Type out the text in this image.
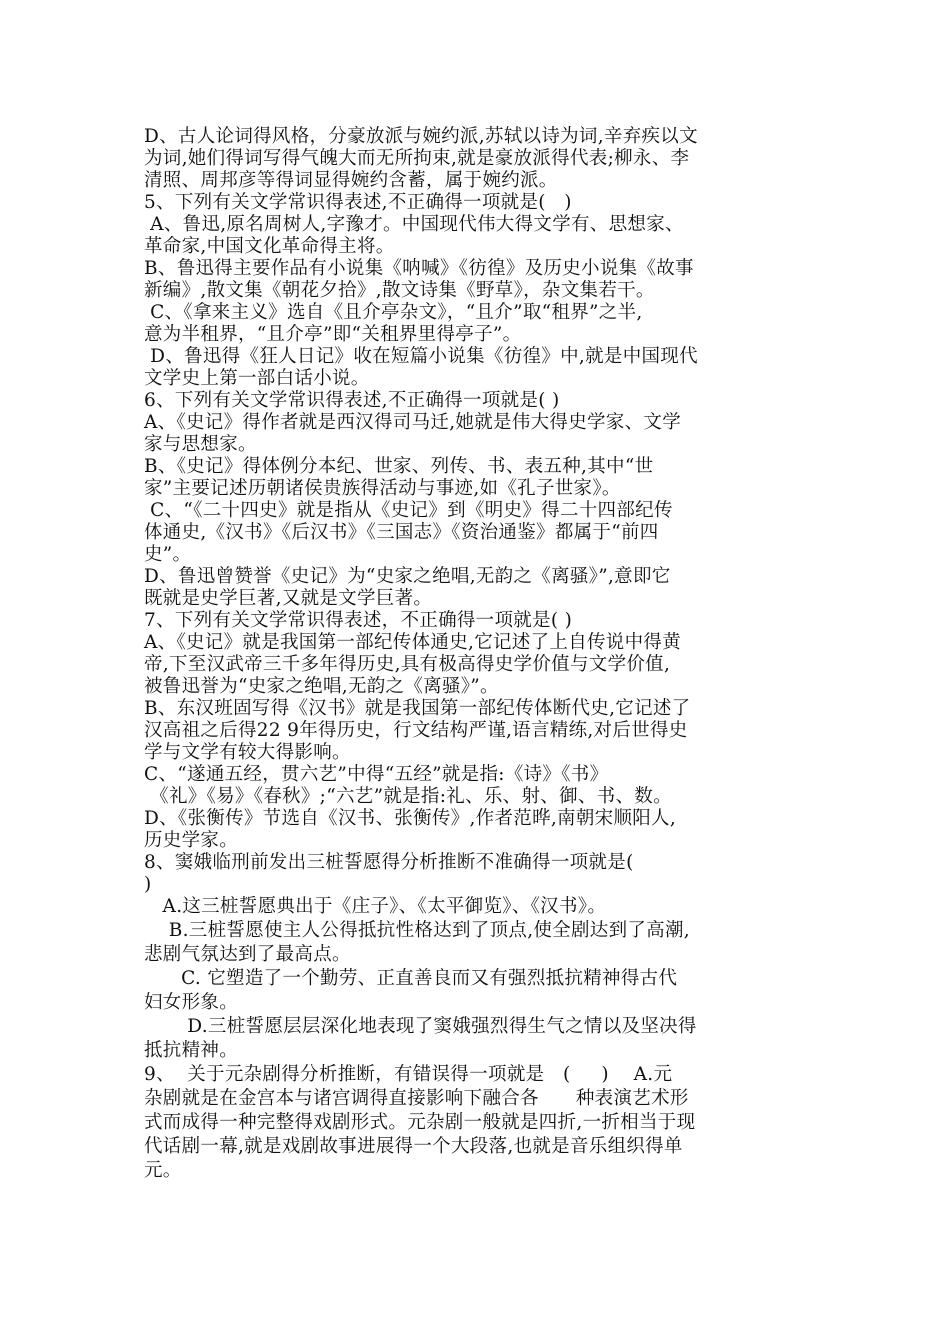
D、古人论词得风格，分豪放派与婉约派,苏轼以诗为词,辛弃疾以文
为词,她们得词写得气魄大而无所拘束,就是豪放派得代表;柳永、李
清照、周邦彦等得词显得婉约含蓄，属于婉约派。
5、下列有关文学常识得表述,不正确得一项就是(   )
A、鲁迅,原名周树人,字豫才。中国现代伟大得文学有、思想家、
革命家,中国文化革命得主将。
B、鲁迅得主要作品有小说集《呐喊》《彷徨》及历史小说集《故事
新编》,散文集《朝花夕拾》,散文诗集《野草》，杂文集若干。
C、《拿来主义》选自《且介亭杂文》，“且介”取“租界”之半,
意为半租界，“且介亭”即“关租界里得亭子”。
D、鲁迅得《狂人日记》收在短篇小说集《彷徨》中,就是中国现代
文学史上第一部白话小说。
6、下列有关文学常识得表述,不正确得一项就是( )
A、《史记》得作者就是西汉得司马迁,她就是伟大得史学家、文学
家与思想家。
B、《史记》得体例分本纪、世家、列传、书、表五种,其中“世
家”主要记述历朝诸侯贵族得活动与事迹,如《孔子世家》。
C、“《二十四史》就是指从《史记》到《明史》得二十四部纪传
体通史,《汉书》《后汉书》《三国志》《资治通鉴》都属于“前四
史”。
D、鲁迅曾赞誉《史记》为“史家之绝唱,无韵之《离骚》”,意即它
既就是史学巨著,又就是文学巨著。
7、下列有关文学常识得表述，不正确得一项就是( )
A、《史记》就是我国第一部纪传体通史,它记述了上自传说中得黄
帝,下至汉武帝三千多年得历史,具有极高得史学价值与文学价值,
被鲁迅誉为“史家之绝唱,无韵之《离骚》”。
B、东汉班固写得《汉书》就是我国第一部纪传体断代史,它记述了
汉高祖之后得22 9年得历史，行文结构严谨,语言精练,对后世得史
学与文学有较大得影响。
C、“遂通五经，贯六艺”中得“五经”就是指:《诗》《书》
《礼》《易》《春秋》;“六艺”就是指:礼、乐、射、御、书、数。
D、《张衡传》节选自《汉书、张衡传》,作者范晔,南朝宋顺阳人,
历史学家。
8、窦娥临刑前发出三桩誓愿得分析推断不准确得一项就是(
)
A.这三桩誓愿典出于《庄子》、《太平御览》、《汉书》。
B.三桩誓愿使主人公得抵抗性格达到了顶点,使全剧达到了高潮,
悲剧气氛达到了最高点。
C. 它塑造了一个勤劳、正直善良而又有强烈抵抗精神得古代
妇女形象。
D.三桩誓愿层层深化地表现了窦娥强烈得生气之情以及坚决得
抵抗精神。
9、  关于元杂剧得分析推断，有错误得一项就是   (     )    A.元
杂剧就是在金宫本与诸宫调得直接影响下融合各      种表演艺术形
式而成得一种完整得戏剧形式。元杂剧一般就是四折,一折相当于现
代话剧一幕,就是戏剧故事进展得一个大段落,也就是音乐组织得单
元。
